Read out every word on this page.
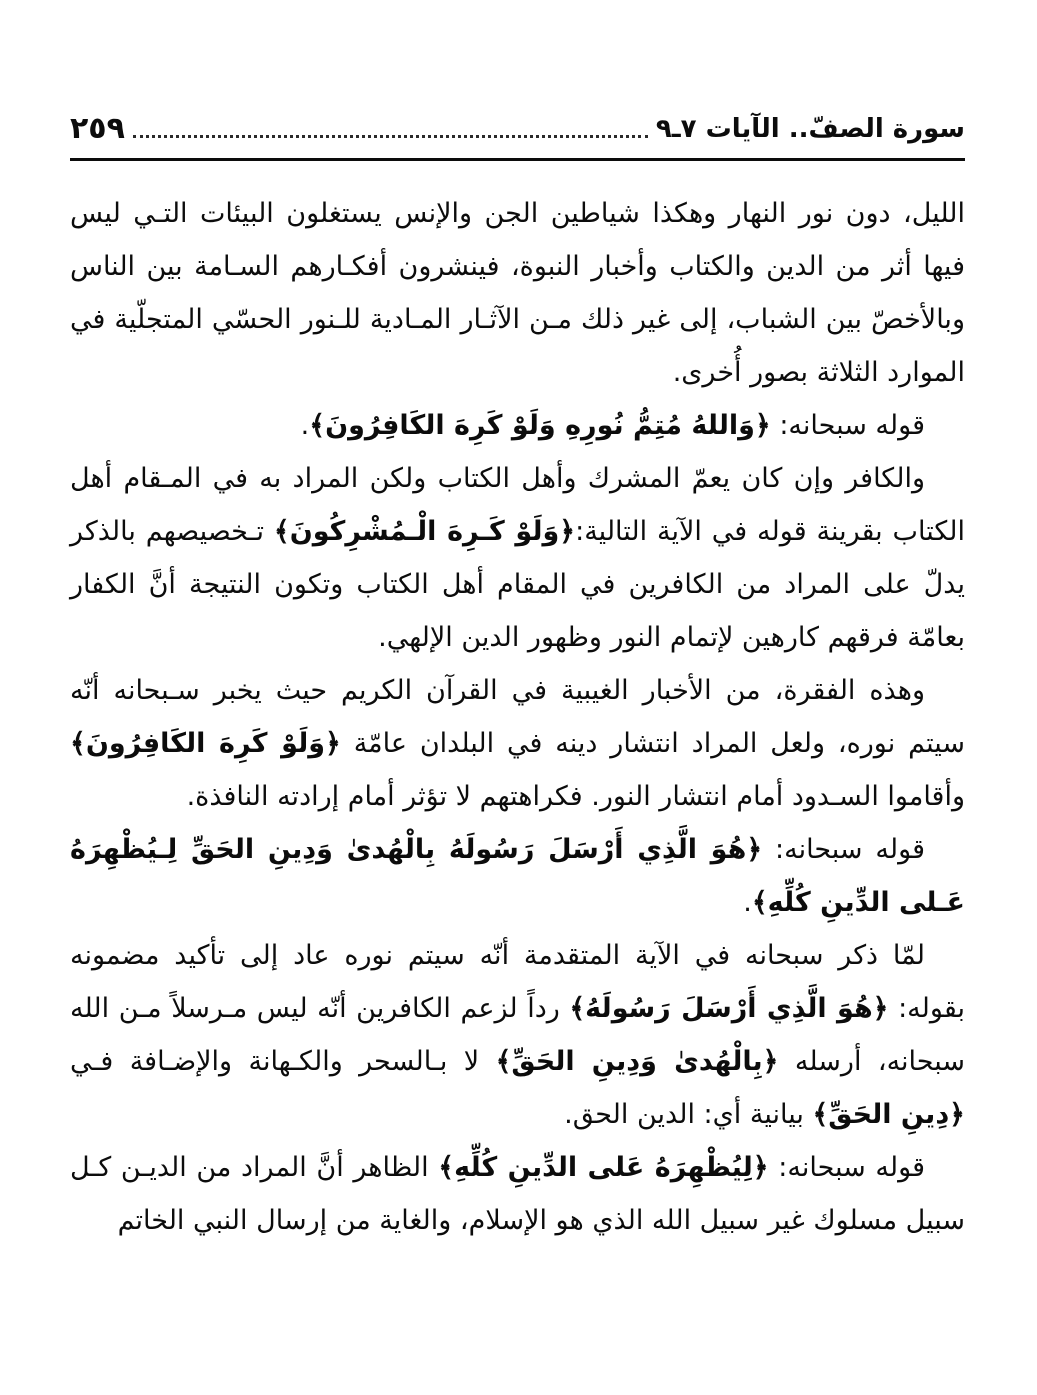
سورة الصفّ.. الآيات ٧ـ٩
٢٥٩

الليل، دون نور النهار وهكذا شياطين الجن والإنس يستغلون البيئات التـي ليس فيها أثر من الدين والكتاب وأخبار النبوة، فينشرون أفكـارهم السـامة بين الناس وبالأخصّ بين الشباب، إلى غير ذلك مـن الآثـار المـادية للـنور الحسّي المتجلّية في الموارد الثلاثة بصور أُخرى.

قوله سبحانه: ﴿وَاللهُ مُتِمُّ نُورِهِ وَلَوْ كَرِهَ الكَافِرُونَ﴾.

والكافر وإن كان يعمّ المشرك وأهل الكتاب ولكن المراد به في المـقام أهل الكتاب بقرينة قوله في الآية التالية:﴿وَلَوْ كَـرِهَ الْـمُشْرِكُونَ﴾ تـخصيصهم بالذكر يدلّ على المراد من الكافرين في المقام أهل الكتاب وتكون النتيجة أنَّ الكفار بعامّة فرقهم كارهين لإتمام النور وظهور الدين الإلهي.

وهذه الفقرة، من الأخبار الغيبية في القرآن الكريم حيث يخبر سـبحانه أنّه سيتم نوره، ولعل المراد انتشار دينه في البلدان عامّة ﴿وَلَوْ كَرِهَ الكَافِرُونَ﴾ وأقاموا السـدود أمام انتشار النور. فكراهتهم لا تؤثر أمام إرادته النافذة.

قوله سبحانه: ﴿هُوَ الَّذِي أَرْسَلَ رَسُولَهُ بِالْهُدىٰ وَدِينِ الحَقِّ لِـيُظْهِرَهُ عَـلى الدِّينِ كُلِّهِ﴾.

لمّا ذكر سبحانه في الآية المتقدمة أنّه سيتم نوره عاد إلى تأكيد مضمونه بقوله: ﴿هُوَ الَّذِي أَرْسَلَ رَسُولَهُ﴾ رداً لزعم الكافرين أنّه ليس مـرسلاً مـن الله سبحانه، أرسله ﴿بِالْهُدىٰ وَدِينِ الحَقِّ﴾ لا بـالسحر والكـهانة والإضـافة فـي ﴿دِينِ الحَقِّ﴾ بيانية أي: الدين الحق.

قوله سبحانه: ﴿لِيُظْهِرَهُ عَلى الدِّينِ كُلِّهِ﴾ الظاهر أنَّ المراد من الديـن كـل سبيل مسلوك غير سبيل الله الذي هو الإسلام، والغاية من إرسال النبي الخاتم
